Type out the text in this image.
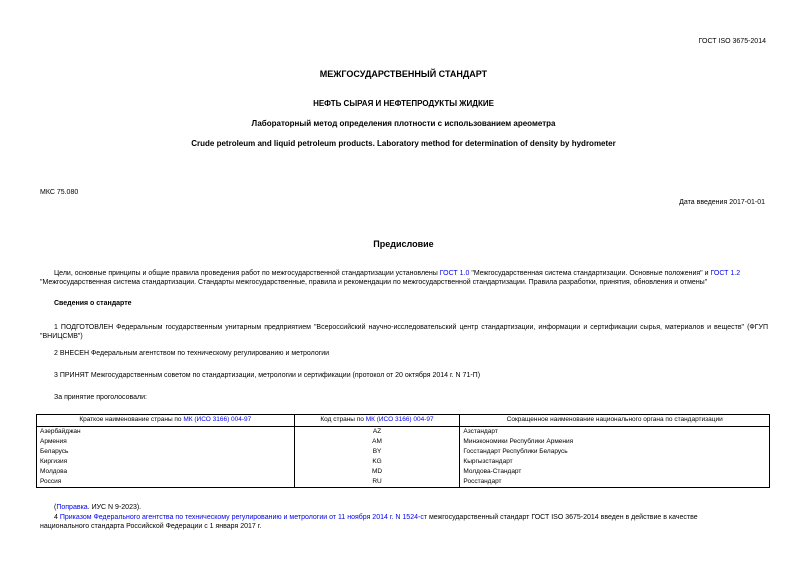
ГОСТ ISO 3675-2014
МЕЖГОСУДАРСТВЕННЫЙ СТАНДАРТ
НЕФТЬ СЫРАЯ И НЕФТЕПРОДУКТЫ ЖИДКИЕ
Лабораторный метод определения плотности с использованием ареометра
Crude petroleum and liquid petroleum products. Laboratory method for determination of density by hydrometer
МКС 75.080
Дата введения 2017-01-01
Предисловие
Цели, основные принципы и общие правила проведения работ по межгосударственной стандартизации установлены ГОСТ 1.0 "Межгосударственная система стандартизации. Основные положения" и ГОСТ 1.2
"Межгосударственная система стандартизации. Стандарты межгосударственные, правила и рекомендации по межгосударственной стандартизации. Правила разработки, принятия, обновления и отмены"
Сведения о стандарте
1 ПОДГОТОВЛЕН Федеральным государственным унитарным предприятием "Всероссийский научно-исследовательский центр стандартизации, информации и сертификации сырья, материалов и веществ" (ФГУП "ВНИЦСМВ")
2 ВНЕСЕН Федеральным агентством по техническому регулированию и метрологии
3 ПРИНЯТ Межгосударственным советом по стандартизации, метрологии и сертификации (протокол от 20 октября 2014 г. N 71-П)
За принятие проголосовали:
Краткое наименование страны по МК (ИСО 3166) 004-97	Код страны по МК (ИСО 3166) 004-97	Сокращенное наименование национального органа по стандартизации
Азербайджан	AZ	Азстандарт
Армения	AM	Минэкономики Республики Армения
Беларусь	BY	Госстандарт Республики Беларусь
Киргизия	KG	Кыргызстандарт
Молдова	MD	Молдова-Стандарт
Россия	RU	Росстандарт
(Поправка. ИУС N 9-2023).
4 Приказом Федерального агентства по техническому регулированию и метрологии от 11 ноября 2014 г. N 1524-ст межгосударственный стандарт ГОСТ ISO 3675-2014 введен в действие в качестве
национального стандарта Российской Федерации с 1 января 2017 г.
